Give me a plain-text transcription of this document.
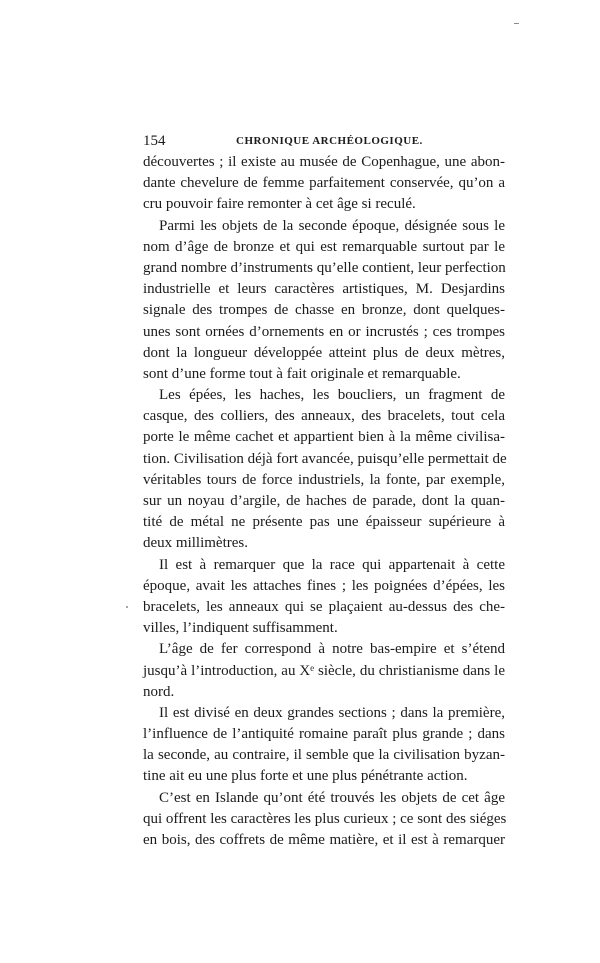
154	CHRONIQUE ARCHÉOLOGIQUE.
découvertes ; il existe au musée de Copenhague, une abon-
dante chevelure de femme parfaitement conservée, qu’on a
cru pouvoir faire remonter à cet âge si reculé.
Parmi les objets de la seconde époque, désignée sous le
nom d’âge de bronze et qui est remarquable surtout par le
grand nombre d’instruments qu’elle contient, leur perfection
industrielle et leurs caractères artistiques, M. Desjardins
signale des trompes de chasse en bronze, dont quelques-
unes sont ornées d’ornements en or incrustés ; ces trompes
dont la longueur développée atteint plus de deux mètres,
sont d’une forme tout à fait originale et remarquable.
Les épées, les haches, les boucliers, un fragment de
casque, des colliers, des anneaux, des bracelets, tout cela
porte le même cachet et appartient bien à la même civilisa-
tion. Civilisation déjà fort avancée, puisqu’elle permettait de
véritables tours de force industriels, la fonte, par exemple,
sur un noyau d’argile, de haches de parade, dont la quan-
tité de métal ne présente pas une épaisseur supérieure à
deux millimètres.
Il est à remarquer que la race qui appartenait à cette
époque, avait les attaches fines ; les poignées d’épées, les
bracelets, les anneaux qui se plaçaient au-dessus des che-
villes, l’indiquent suffisamment.
L’âge de fer correspond à notre bas-empire et s’étend
jusqu’à l’introduction, au Xᵉ siècle, du christianisme dans le
nord.
Il est divisé en deux grandes sections ; dans la première,
l’influence de l’antiquité romaine paraît plus grande ; dans
la seconde, au contraire, il semble que la civilisation byzan-
tine ait eu une plus forte et une plus pénétrante action.
C’est en Islande qu’ont été trouvés les objets de cet âge
qui offrent les caractères les plus curieux ; ce sont des siéges
en bois, des coffrets de même matière, et il est à remarquer
